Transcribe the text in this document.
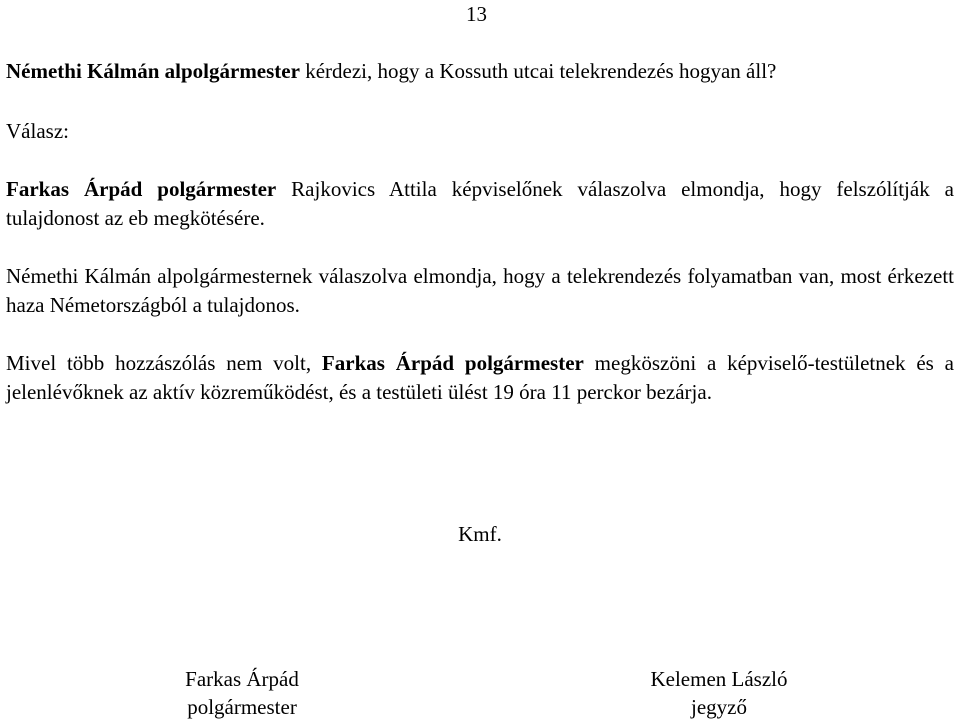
13

Némethi Kálmán alpolgármester kérdezi, hogy a Kossuth utcai telekrendezés hogyan áll?

Válasz:

Farkas Árpád polgármester Rajkovics Attila képviselőnek válaszolva elmondja, hogy felszólítják a tulajdonost az eb megkötésére.

Némethi Kálmán alpolgármesternek válaszolva elmondja, hogy a telekrendezés folyamatban van, most érkezett haza Németországból a tulajdonos.

Mivel több hozzászólás nem volt, Farkas Árpád polgármester megköszöni a képviselő-testületnek és a jelenlévőknek az aktív közreműködést, és a testületi ülést 19 óra 11 perckor bezárja.

Kmf.
Farkas Árpád
polgármester
Kelemen László
jegyző
